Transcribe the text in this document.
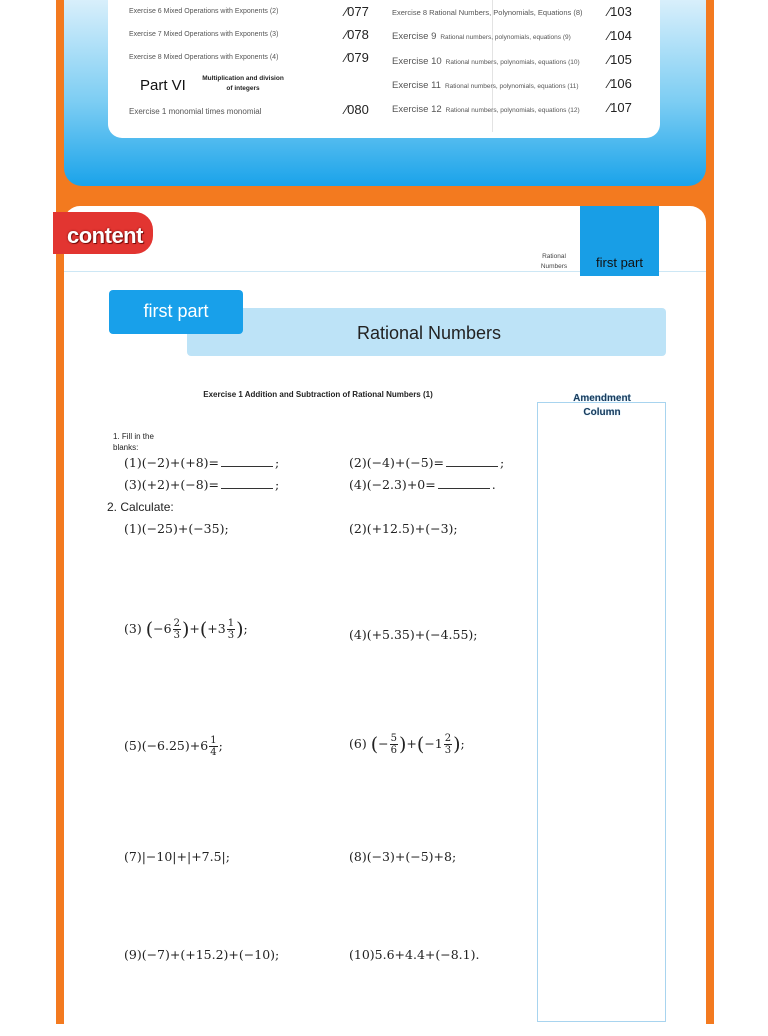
Exercise 6 Mixed Operations with Exponents (2)	⁄077
Exercise 7 Mixed Operations with Exponents (3)	⁄078
Exercise 8 Mixed Operations with Exponents (4)	⁄079
Part VI	Multiplication and division of integers
Exercise 1 monomial times monomial	⁄080
Exercise 8 Rational Numbers, Polynomials, Equations (8) ⁄103
Exercise 9 Rational numbers, polynomials, equations (9)	⁄104
Exercise 10 Rational numbers, polynomials, equations (10) ⁄105
Exercise 11 Rational numbers, polynomials, equations (11) ⁄106
Exercise 12 Rational numbers, polynomials, equations (12) ⁄107
content
Rational Numbers	first part
Rational Numbers
first part
Exercise 1 Addition and Subtraction of Rational Numbers (1)	Amendment Column
1. Fill in the blanks:
(1)(−2)+(+8)=	;	(2)(−4)+(−5)=	;
(3)(+2)+(−8)=	;	(4)(−2.3)+0=	.
2. Calculate:
(1)(−25)+(−35);	(2)(+12.5)+(−3);
(3) $(-6 \frac{2}{3} )+(+3 \frac{1}{3}$ );	(4)(+5.35)+(−4.55);
$(5)(-6.25)+6 \frac{1}{4}$ ;	(6) (− $\frac{5}{6} )+(-1 \frac{2}{3}$ );
(7)|−10|+|+7.5|;	(8)(−3)+(−5)+8;
(9)(−7)+(+15.2)+(−10);	(10)5.6+4.4+(−8.1).
